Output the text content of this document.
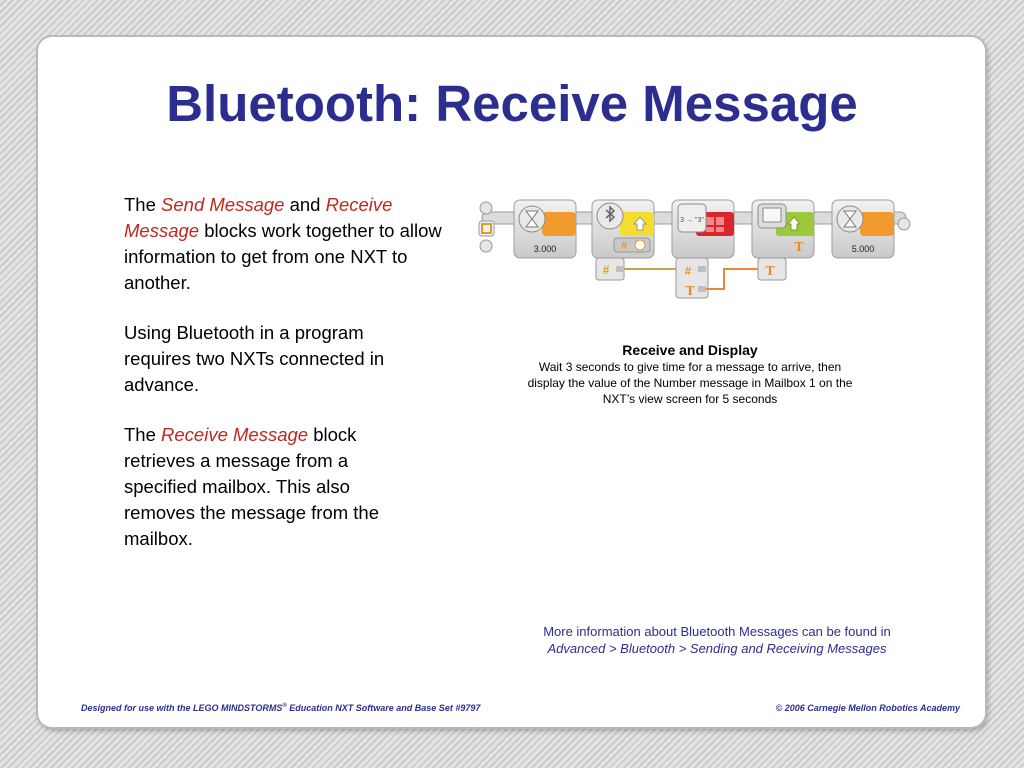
Bluetooth: Receive Message

The Send Message and Receive Message blocks work together to allow information to get from one NXT to another.

Using Bluetooth in a program requires two NXTs connected in advance.

The Receive Message block retrieves a message from a specified mailbox. This also removes the message from the mailbox.

3.000	#
#
3 → "3"
#
T
T
T
5.000
Receive and Display
Wait 3 seconds to give time for a message to arrive, then display the value of the Number message in Mailbox 1 on the NXT’s view screen for 5 seconds
More information about Bluetooth Messages can be found in
Advanced > Bluetooth > Sending and Receiving Messages
Designed for use with the LEGO MINDSTORMS® Education NXT Software and Base Set #9797	© 2006 Carnegie Mellon Robotics Academy
